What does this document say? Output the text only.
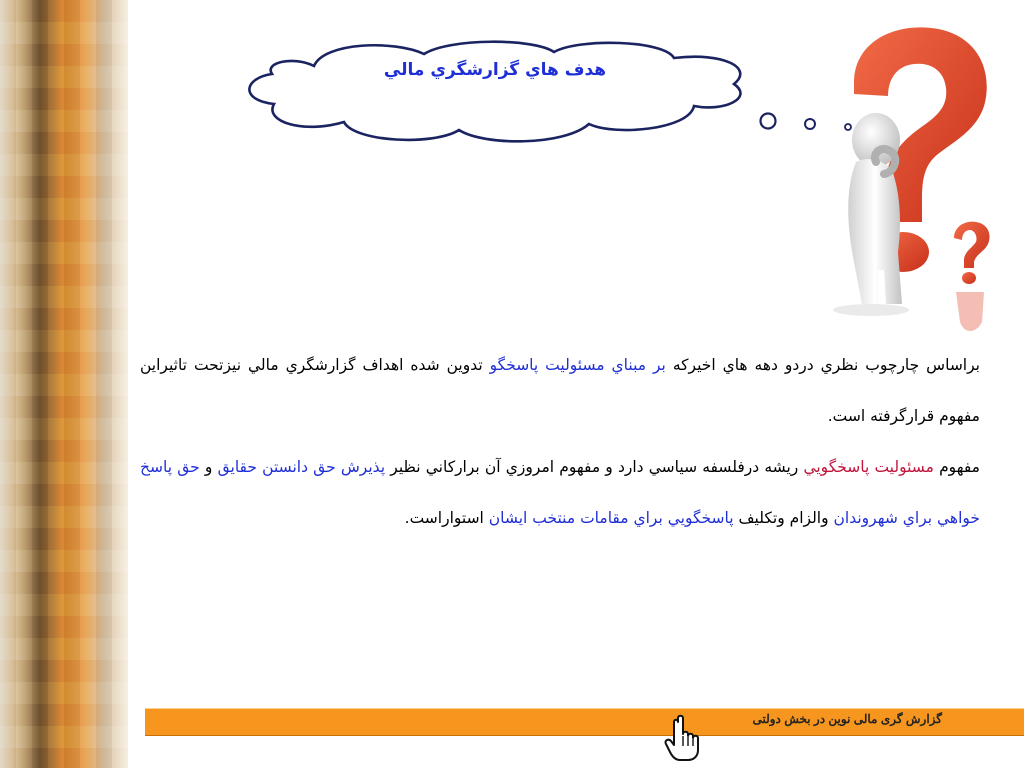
هدف هاي گزارشگري مالي

براساس چارچوب نظري دردو دهه هاي اخيركه بر مبناي مسئوليت پاسخگو تدوين شده اهداف گزارشگري مالي نيزتحت تاثيراين مفهوم قرارگرفته است.

مفهوم مسئوليت پاسخگويي ريشه درفلسفه سياسي دارد و مفهوم امروزي آن براركاني نظير پذيرش حق دانستن حقايق و حق پاسخ خواهي براي شهروندان والزام وتكليف پاسخگويي براي مقامات منتخب ايشان استواراست.

گزارش گری مالی نوین در بخش دولتی
